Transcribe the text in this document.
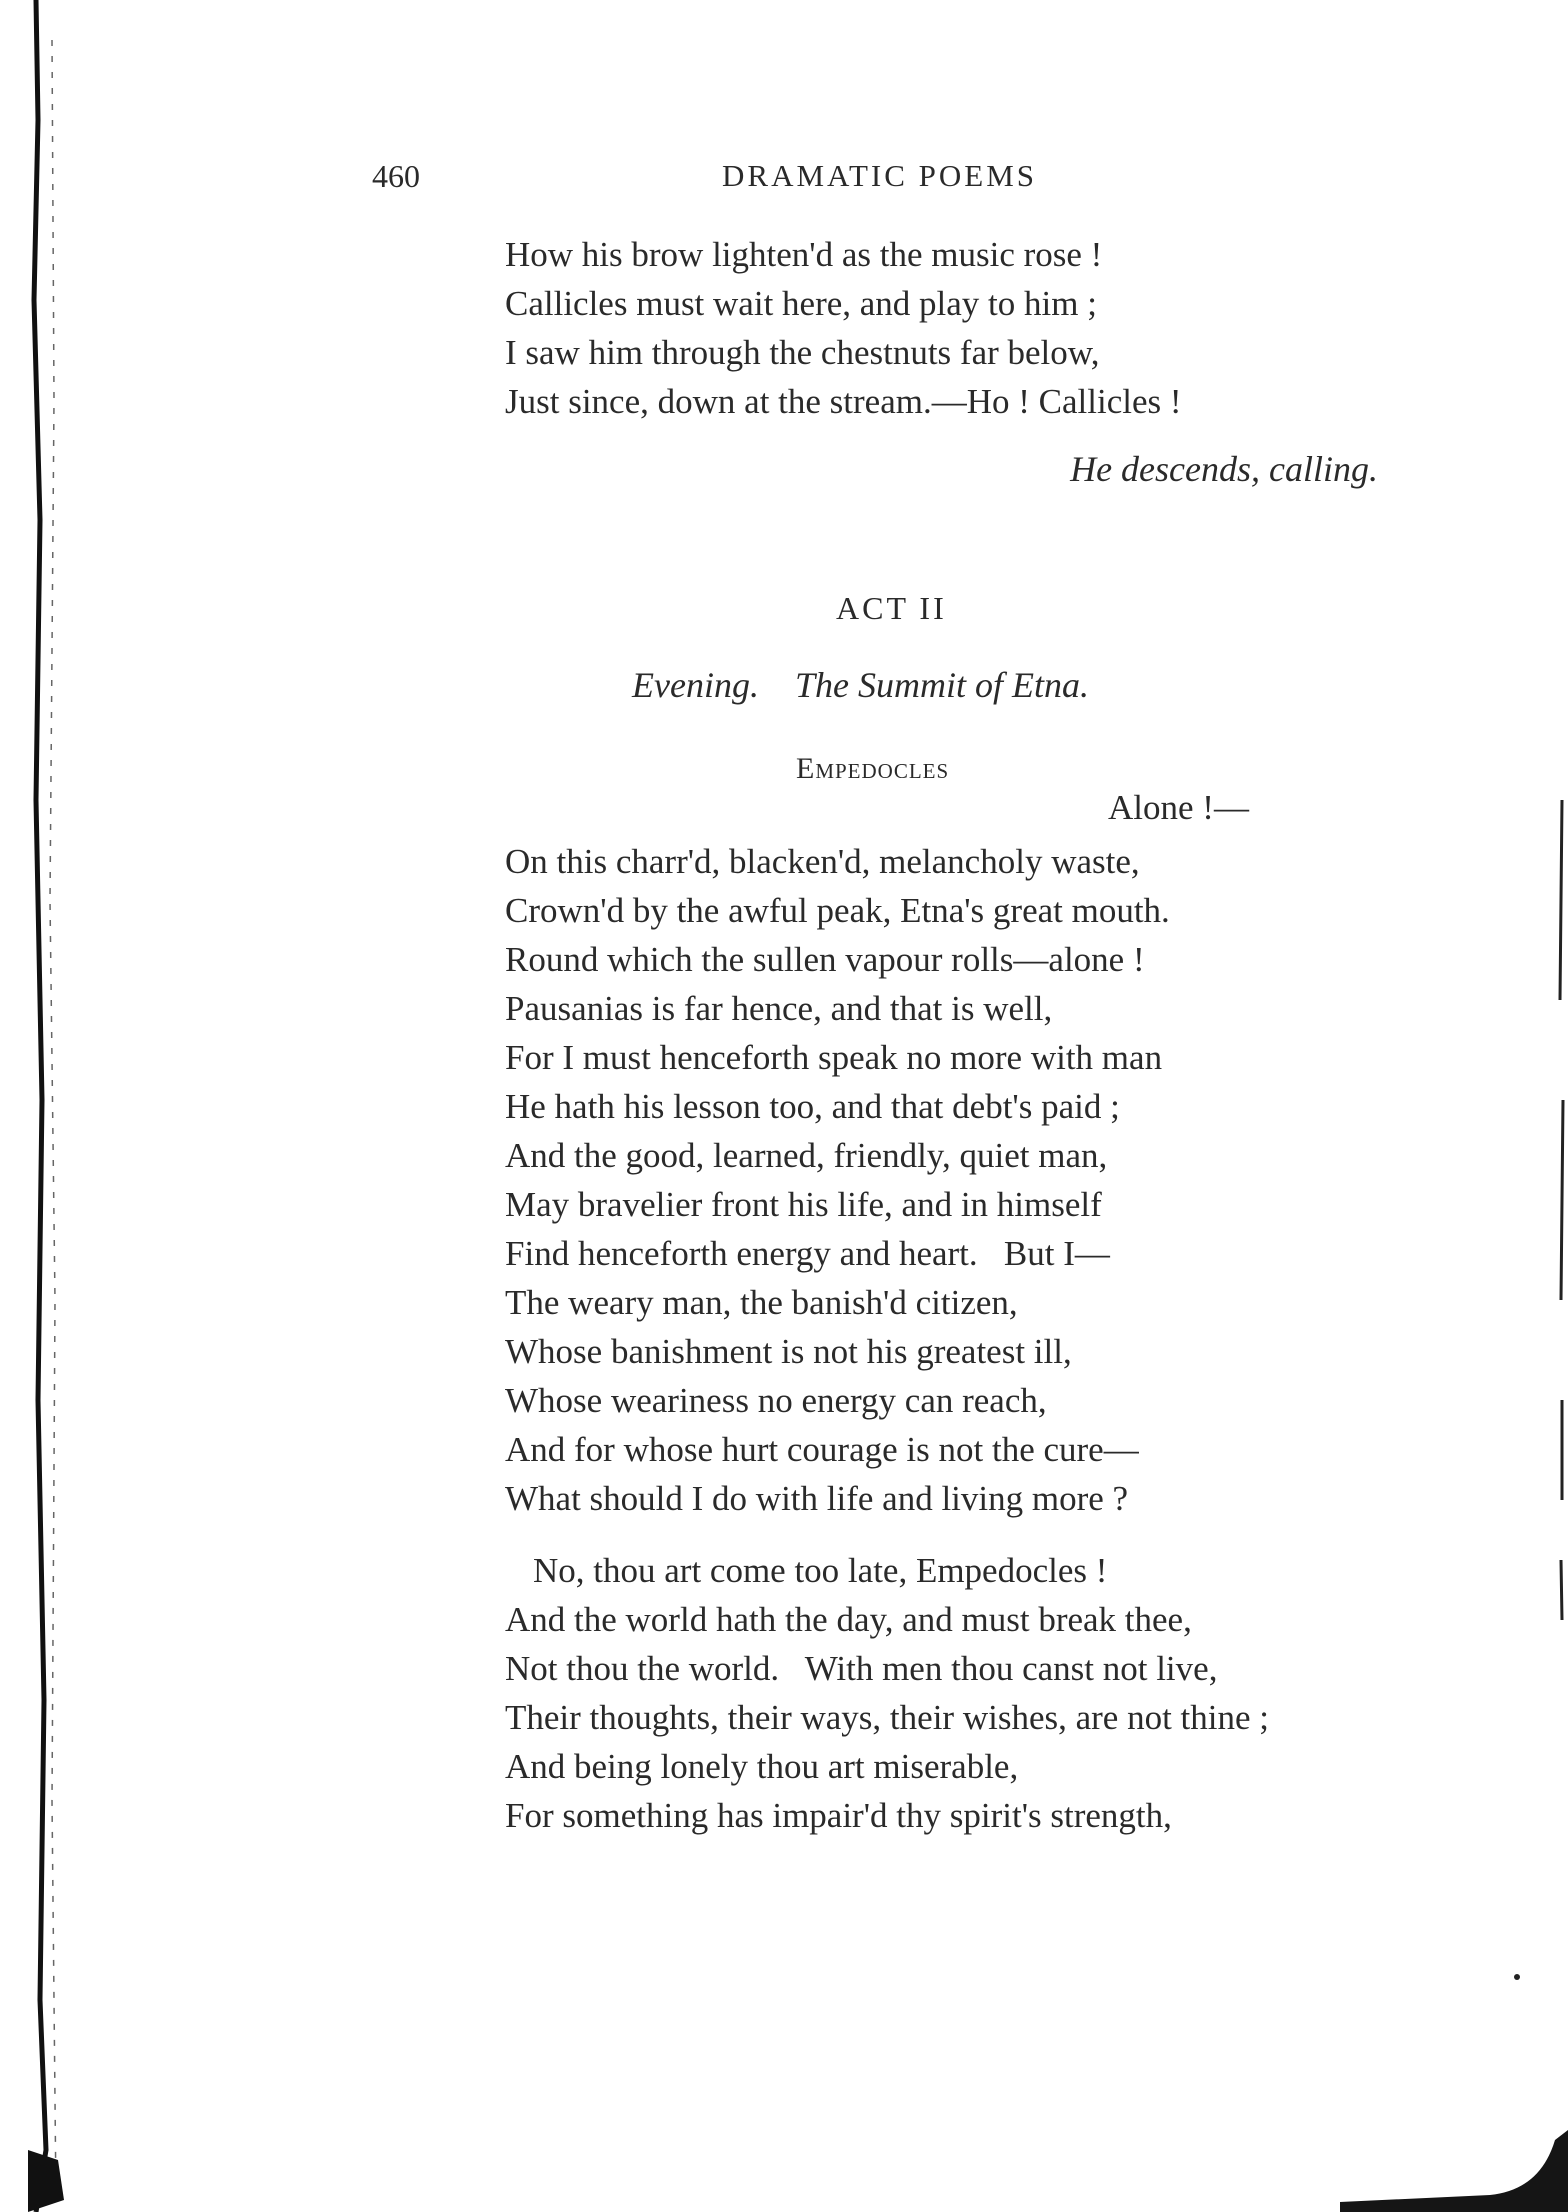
460	DRAMATIC POEMS
How his brow lighten'd as the music rose !
Callicles must wait here, and play to him ;
I saw him through the chestnuts far below,
Just since, down at the stream.—Ho ! Callicles !
He descends, calling.
ACT II
Evening.    The Summit of Etna.
Empedocles
Alone !—
On this charr'd, blacken'd, melancholy waste,
Crown'd by the awful peak, Etna's great mouth.
Round which the sullen vapour rolls—alone !
Pausanias is far hence, and that is well,
For I must henceforth speak no more with man
He hath his lesson too, and that debt's paid ;
And the good, learned, friendly, quiet man,
May bravelier front his life, and in himself
Find henceforth energy and heart.   But I—
The weary man, the banish'd citizen,
Whose banishment is not his greatest ill,
Whose weariness no energy can reach,
And for whose hurt courage is not the cure—
What should I do with life and living more ?
No, thou art come too late, Empedocles !
And the world hath the day, and must break thee,
Not thou the world.   With men thou canst not live,
Their thoughts, their ways, their wishes, are not thine ;
And being lonely thou art miserable,
For something has impair'd thy spirit's strength,
